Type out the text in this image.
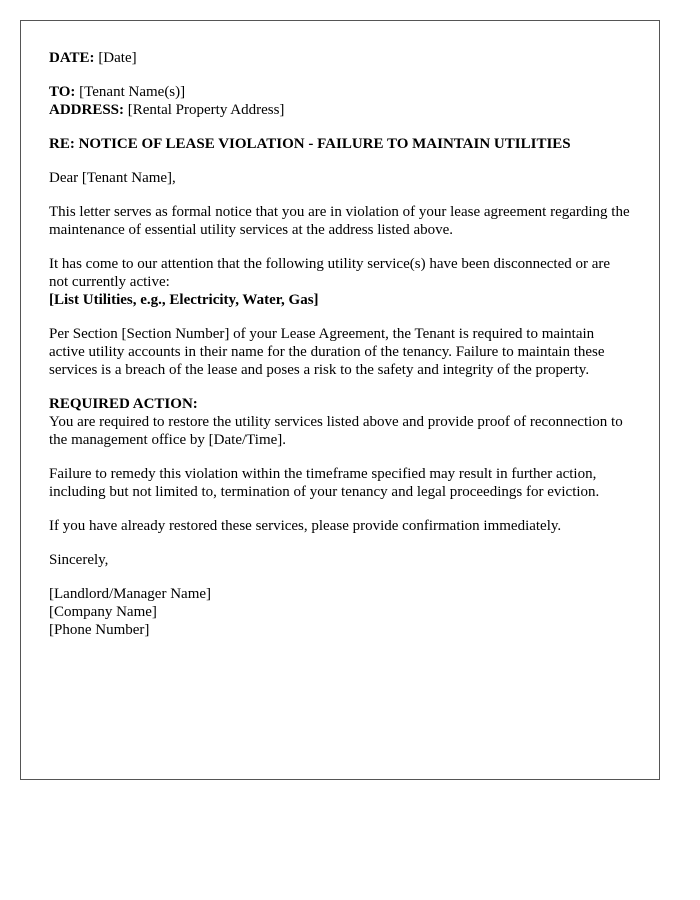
DATE: [Date]
TO: [Tenant Name(s)]
ADDRESS: [Rental Property Address]
RE: NOTICE OF LEASE VIOLATION - FAILURE TO MAINTAIN UTILITIES
Dear [Tenant Name],
This letter serves as formal notice that you are in violation of your lease agreement regarding the maintenance of essential utility services at the address listed above.
It has come to our attention that the following utility service(s) have been disconnected or are not currently active:
[List Utilities, e.g., Electricity, Water, Gas]
Per Section [Section Number] of your Lease Agreement, the Tenant is required to maintain active utility accounts in their name for the duration of the tenancy. Failure to maintain these services is a breach of the lease and poses a risk to the safety and integrity of the property.
REQUIRED ACTION:
You are required to restore the utility services listed above and provide proof of reconnection to the management office by [Date/Time].
Failure to remedy this violation within the timeframe specified may result in further action, including but not limited to, termination of your tenancy and legal proceedings for eviction.
If you have already restored these services, please provide confirmation immediately.
Sincerely,
[Landlord/Manager Name]
[Company Name]
[Phone Number]
